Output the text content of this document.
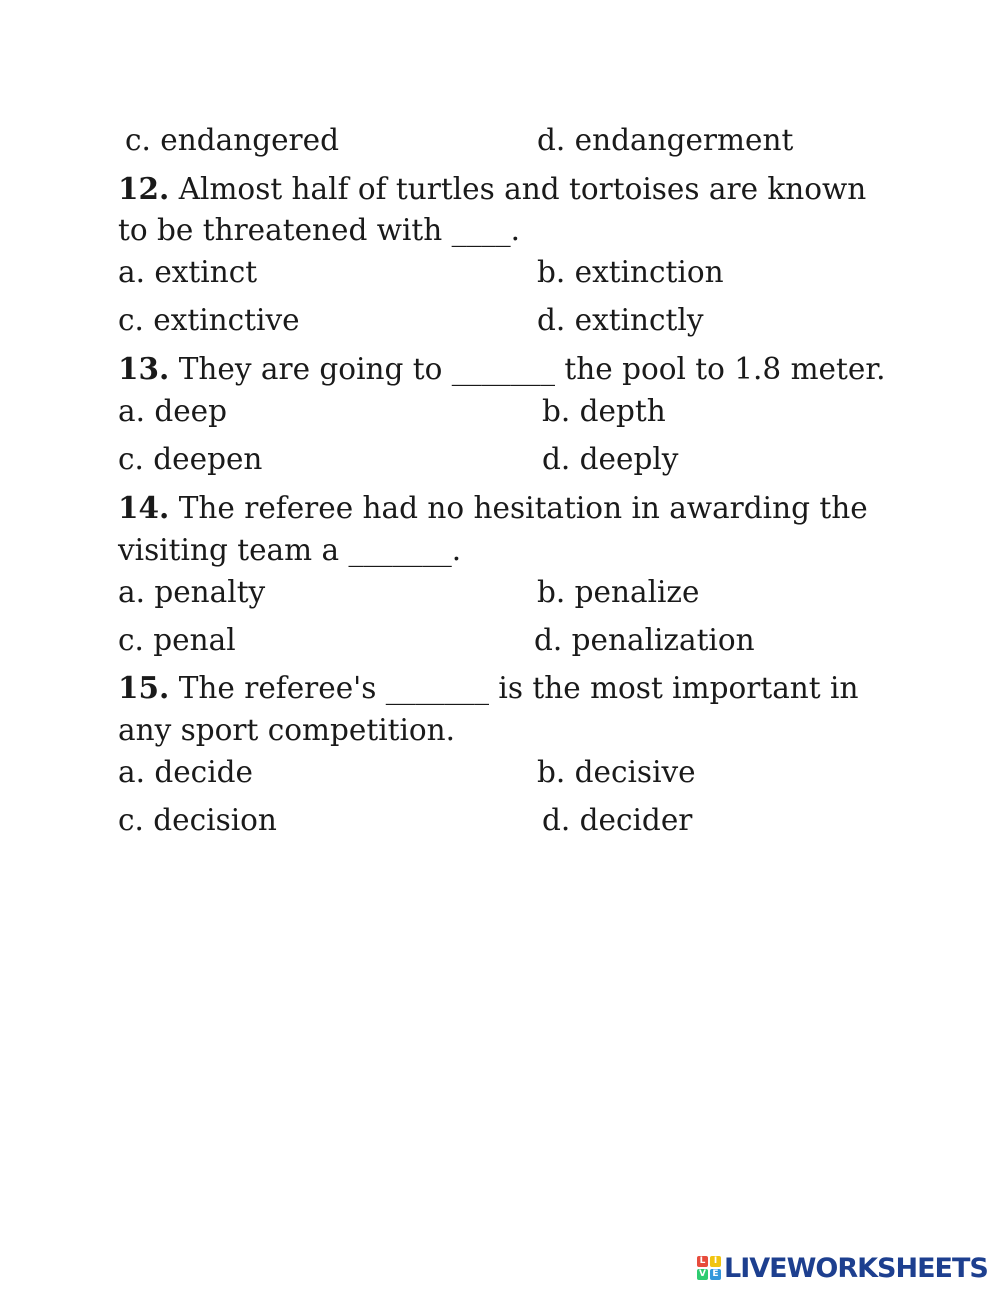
c. endangered	d. endangerment
12. Almost half of turtles and tortoises are known
to be threatened with ____.
a. extinct	b. extinction
c. extinctive	d. extinctly
13. They are going to _______ the pool to 1.8 meter.
a. deep	b. depth
c. deepen	d. deeply
14. The referee had no hesitation in awarding the
visiting team a _______.
a. penalty	b. penalize
c. penal	d. penalization
15. The referee's _______ is the most important in
any sport competition.
a. decide	b. decisive
c. decision	d. decider
L I
V E LIVEWORKSHEETS
